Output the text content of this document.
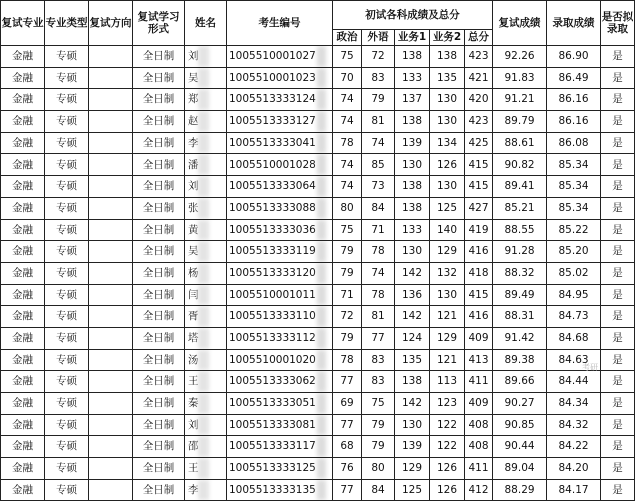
复试专业	专业类型	复试方向	复试学习形式	姓名	考生编号	初试各科成绩及总分					复试成绩	录取成绩	是否拟录取
						政治	外语	业务1	业务2	总分			
金融	专硕		全日制	刘	1005510001027	75	72	138	138	423	92.26	86.90	是
金融	专硕		全日制	吴	1005510001023	70	83	133	135	421	91.83	86.49	是
金融	专硕		全日制	郑	1005513333124	74	79	137	130	420	91.21	86.16	是
金融	专硕		全日制	赵	1005513333127	74	81	138	130	423	89.79	86.16	是
金融	专硕		全日制	李	1005513333041	78	74	139	134	425	88.61	86.08	是
金融	专硕		全日制	潘	1005510001028	74	85	130	126	415	90.82	85.34	是
金融	专硕		全日制	刘	1005513333064	74	73	138	130	415	89.41	85.34	是
金融	专硕		全日制	张	1005513333088	80	84	138	125	427	85.21	85.34	是
金融	专硕		全日制	黄	1005513333036	75	71	133	140	419	88.55	85.22	是
金融	专硕		全日制	吴	1005513333119	79	78	130	129	416	91.28	85.20	是
金融	专硕		全日制	杨	1005513333120	79	74	142	132	418	88.32	85.02	是
金融	专硕		全日制	闫	1005510001011	71	78	136	130	415	89.49	84.95	是
金融	专硕		全日制	胥	1005513333110	72	81	142	121	416	88.31	84.73	是
金融	专硕		全日制	塔	1005513333112	79	77	124	129	409	91.42	84.68	是
金融	专硕		全日制	汤	1005510001020	78	83	135	121	413	89.38	84.63	是
金融	专硕		全日制	王	1005513333062	77	83	138	113	411	89.66	84.44	是
金融	专硕		全日制	秦	1005513333051	69	75	142	123	409	90.27	84.34	是
金融	专硕		全日制	刘	1005513333081	77	79	130	122	408	90.85	84.32	是
金融	专硕		全日制	邵	1005513333117	68	79	139	122	408	90.44	84.22	是
金融	专硕		全日制	王	1005513333125	76	80	129	126	411	89.04	84.20	是
金融	专硕		全日制	李	1005513333135	77	84	125	126	412	88.29	84.17	是
考研
